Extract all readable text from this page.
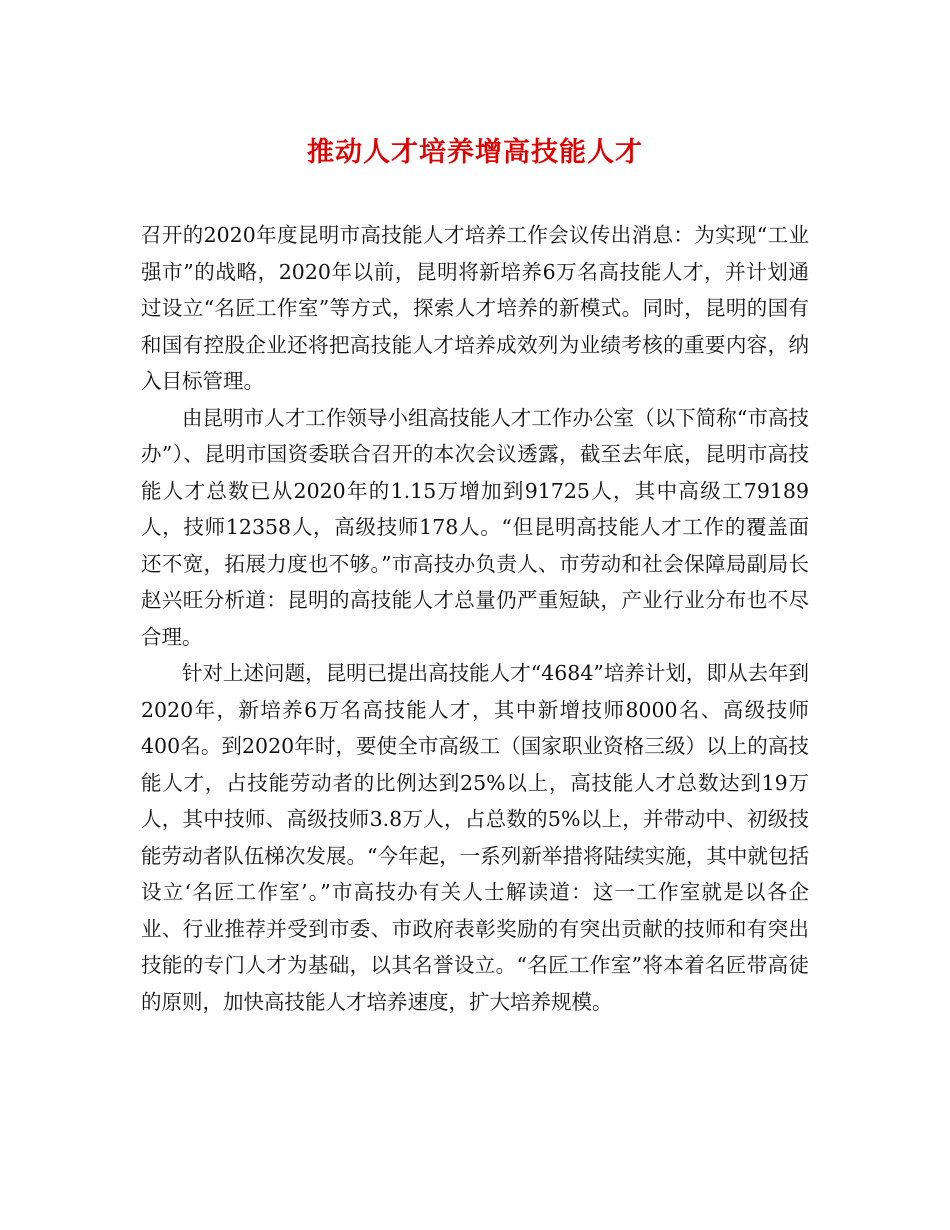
推动人才培养增高技能人才

召开的2020年度昆明市高技能人才培养工作会议传出消息：为实现“工业强市”的战略，2020年以前，昆明将新培养6万名高技能人才，并计划通过设立“名匠工作室”等方式，探索人才培养的新模式。同时，昆明的国有和国有控股企业还将把高技能人才培养成效列为业绩考核的重要内容，纳入目标管理。

由昆明市人才工作领导小组高技能人才工作办公室（以下简称“市高技办”）、昆明市国资委联合召开的本次会议透露，截至去年底，昆明市高技能人才总数已从2020年的1.15万增加到91725人，其中高级工79189人，技师12358人，高级技师178人。“但昆明高技能人才工作的覆盖面还不宽，拓展力度也不够。”市高技办负责人、市劳动和社会保障局副局长赵兴旺分析道：昆明的高技能人才总量仍严重短缺，产业行业分布也不尽合理。

针对上述问题，昆明已提出高技能人才“4684”培养计划，即从去年到2020年，新培养6万名高技能人才，其中新增技师8000名、高级技师400名。到2020年时，要使全市高级工（国家职业资格三级）以上的高技能人才，占技能劳动者的比例达到25%以上，高技能人才总数达到19万人，其中技师、高级技师3.8万人，占总数的5%以上，并带动中、初级技能劳动者队伍梯次发展。“今年起，一系列新举措将陆续实施，其中就包括设立‘名匠工作室’。”市高技办有关人士解读道：这一工作室就是以各企业、行业推荐并受到市委、市政府表彰奖励的有突出贡献的技师和有突出技能的专门人才为基础，以其名誉设立。“名匠工作室”将本着名匠带高徒的原则，加快高技能人才培养速度，扩大培养规模。
